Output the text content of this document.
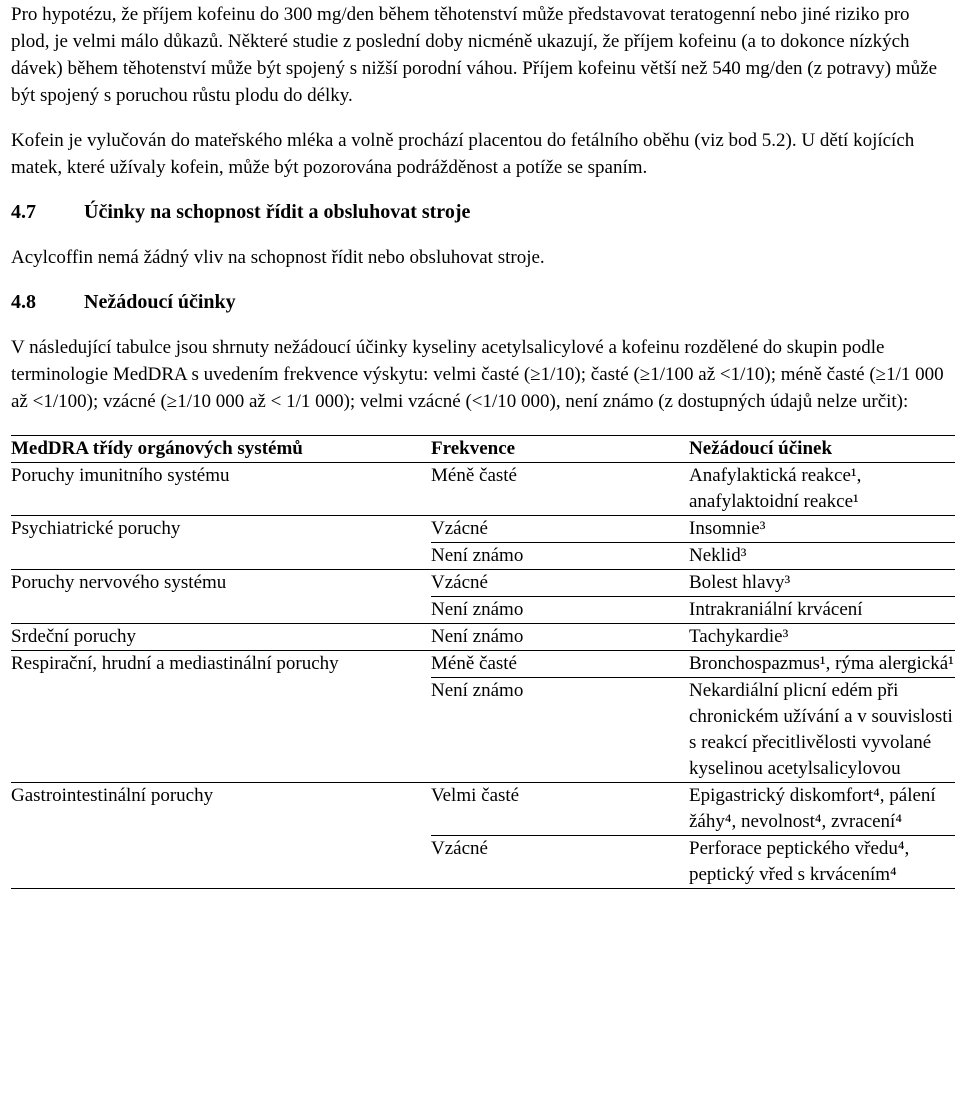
Pro hypotézu, že příjem kofeinu do 300 mg/den během těhotenství může představovat teratogenní nebo jiné riziko pro plod, je velmi málo důkazů. Některé studie z poslední doby nicméně ukazují, že příjem kofeinu (a to dokonce nízkých dávek) během těhotenství může být spojený s nižší porodní váhou. Příjem kofeinu větší než 540 mg/den (z potravy) může být spojený s poruchou růstu plodu do délky.

Kofein je vylučován do mateřského mléka a volně prochází placentou do fetálního oběhu (viz bod 5.2). U dětí kojících matek, které užívaly kofein, může být pozorována podrážděnost a potíže se spaním.

4.7 Účinky na schopnost řídit a obsluhovat stroje

Acylcoffin nemá žádný vliv na schopnost řídit nebo obsluhovat stroje.

4.8 Nežádoucí účinky

V následující tabulce jsou shrnuty nežádoucí účinky kyseliny acetylsalicylové a kofeinu rozdělené do skupin podle terminologie MedDRA s uvedením frekvence výskytu: velmi časté (≥1/10); časté (≥1/100 až <1/10); méně časté (≥1/1 000 až <1/100); vzácné (≥1/10 000 až < 1/1 000); velmi vzácné (<1/10 000), není známo (z dostupných údajů nelze určit):

MedDRA třídy orgánových systémů	Frekvence	Nežádoucí účinek
Poruchy imunitního systému	Méně časté	Anafylaktická reakce¹, anafylaktoidní reakce¹
Psychiatrické poruchy	Vzácné	Insomnie³
	Není známo	Neklid³
Poruchy nervového systému	Vzácné	Bolest hlavy³
	Není známo	Intrakraniální krvácení
Srdeční poruchy	Není známo	Tachykardie³
Respirační, hrudní a mediastinální poruchy	Méně časté	Bronchospazmus¹, rýma alergická¹
	Není známo	Nekardiální plicní edém při chronickém užívání a v souvislosti s reakcí přecitlivělosti vyvolané kyselinou acetylsalicylovou
Gastrointestinální poruchy	Velmi časté	Epigastrický diskomfort⁴, pálení žáhy⁴, nevolnost⁴, zvracení⁴
	Vzácné	Perforace peptického vředu⁴, peptický vřed s krvácením⁴
